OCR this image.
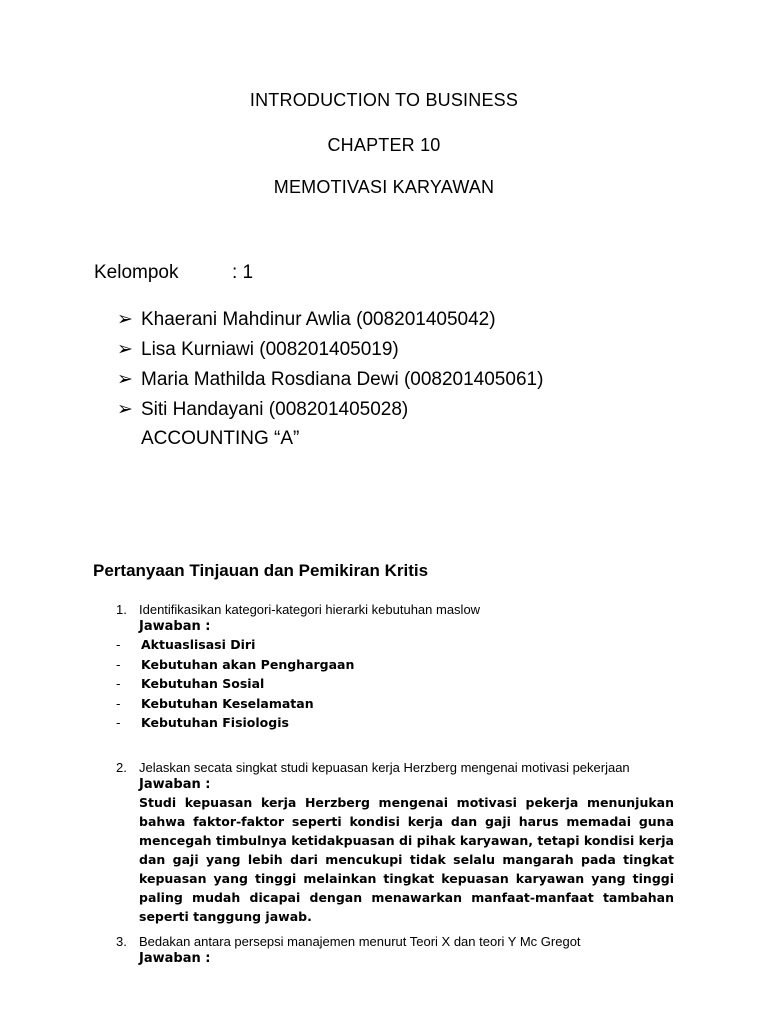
INTRODUCTION TO BUSINESS
CHAPTER 10
MEMOTIVASI KARYAWAN
Kelompok	: 1
➢ Khaerani Mahdinur Awlia (008201405042)
➢ Lisa Kurniawi (008201405019)
➢ Maria Mathilda Rosdiana Dewi (008201405061)
➢ Siti Handayani (008201405028)
ACCOUNTING “A”
Pertanyaan Tinjauan dan Pemikiran Kritis
1. Identifikasikan kategori-kategori hierarki kebutuhan maslow
Jawaban :
- Aktuaslisasi Diri
- Kebutuhan akan Penghargaan
- Kebutuhan Sosial
- Kebutuhan Keselamatan
- Kebutuhan Fisiologis
2. Jelaskan secata singkat studi kepuasan kerja Herzberg mengenai motivasi pekerjaan
Jawaban :
Studi kepuasan kerja Herzberg mengenai motivasi pekerja menunjukan bahwa faktor-faktor seperti kondisi kerja dan gaji harus memadai guna mencegah timbulnya ketidakpuasan di pihak karyawan, tetapi kondisi kerja dan gaji yang lebih dari mencukupi tidak selalu mangarah pada tingkat kepuasan yang tinggi melainkan tingkat kepuasan karyawan yang tinggi paling mudah dicapai dengan menawarkan manfaat-manfaat tambahan seperti tanggung jawab.
3. Bedakan antara persepsi manajemen menurut Teori X dan teori Y Mc Gregot
Jawaban :
